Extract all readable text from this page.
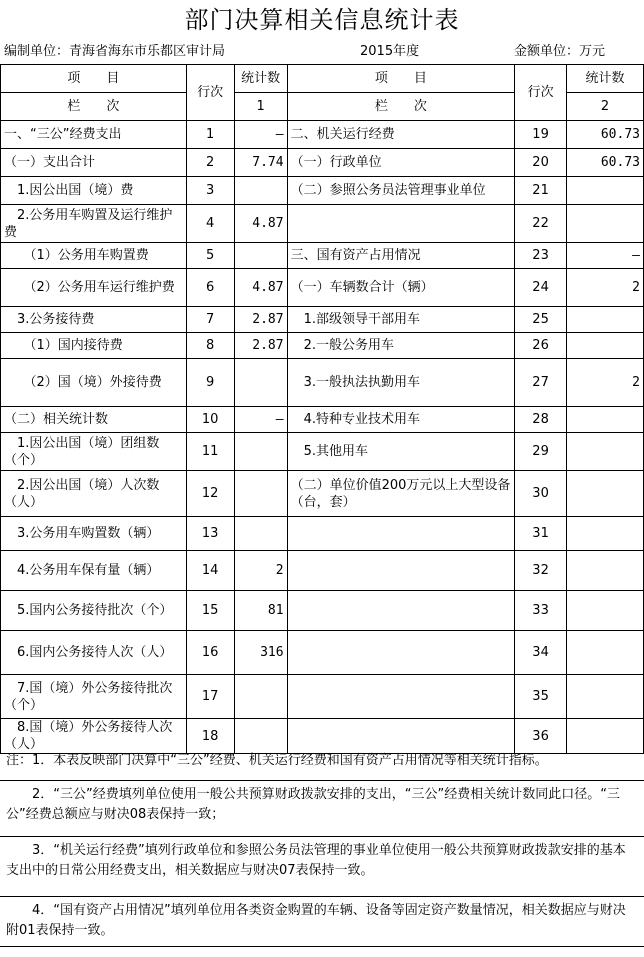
部门决算相关信息统计表
编制单位：青海省海东市乐都区审计局	2015年度	金额单位：万元
项　　目	行次	统计数	项　　目	行次	统计数
栏　　次		1	栏　　次		2
一、“三公”经费支出	1	—	二、机关运行经费	19	60.73
（一）支出合计	2	7.74	（一）行政单位	20	60.73
　1.因公出国（境）费	3		（二）参照公务员法管理事业单位	21	
　2.公务用车购置及运行维护费	4	4.87		22	
　　（1）公务用车购置费	5		三、国有资产占用情况	23	—
　　（2）公务用车运行维护费	6	4.87	（一）车辆数合计（辆）	24	2
　3.公务接待费	7	2.87	　1.部级领导干部用车	25	
　　（1）国内接待费	8	2.87	　2.一般公务用车	26	
　　（2）国（境）外接待费	9		　3.一般执法执勤用车	27	2
（二）相关统计数	10	—	　4.特种专业技术用车	28	
　1.因公出国（境）团组数（个）	11		　5.其他用车	29	
　2.因公出国（境）人次数（人）	12		（二）单位价值200万元以上大型设备（台，套）	30	
　3.公务用车购置数（辆）	13			31	
　4.公务用车保有量（辆）	14	2		32	
　5.国内公务接待批次（个）	15	81		33	
　6.国内公务接待人次（人）	16	316		34	
　7.国（境）外公务接待批次（个）	17			35	
　8.国（境）外公务接待人次（人）	18			36	
注：1．本表反映部门决算中“三公”经费、机关运行经费和国有资产占用情况等相关统计指标。
　　2．“三公”经费填列单位使用一般公共预算财政拨款安排的支出，“三公”经费相关统计数同此口径。“三公”经费总额应与财决08表保持一致；
　　3．“机关运行经费”填列行政单位和参照公务员法管理的事业单位使用一般公共预算财政拨款安排的基本支出中的日常公用经费支出，相关数据应与财决07表保持一致。
　　4．“国有资产占用情况”填列单位用各类资金购置的车辆、设备等固定资产数量情况，相关数据应与财决附01表保持一致。
